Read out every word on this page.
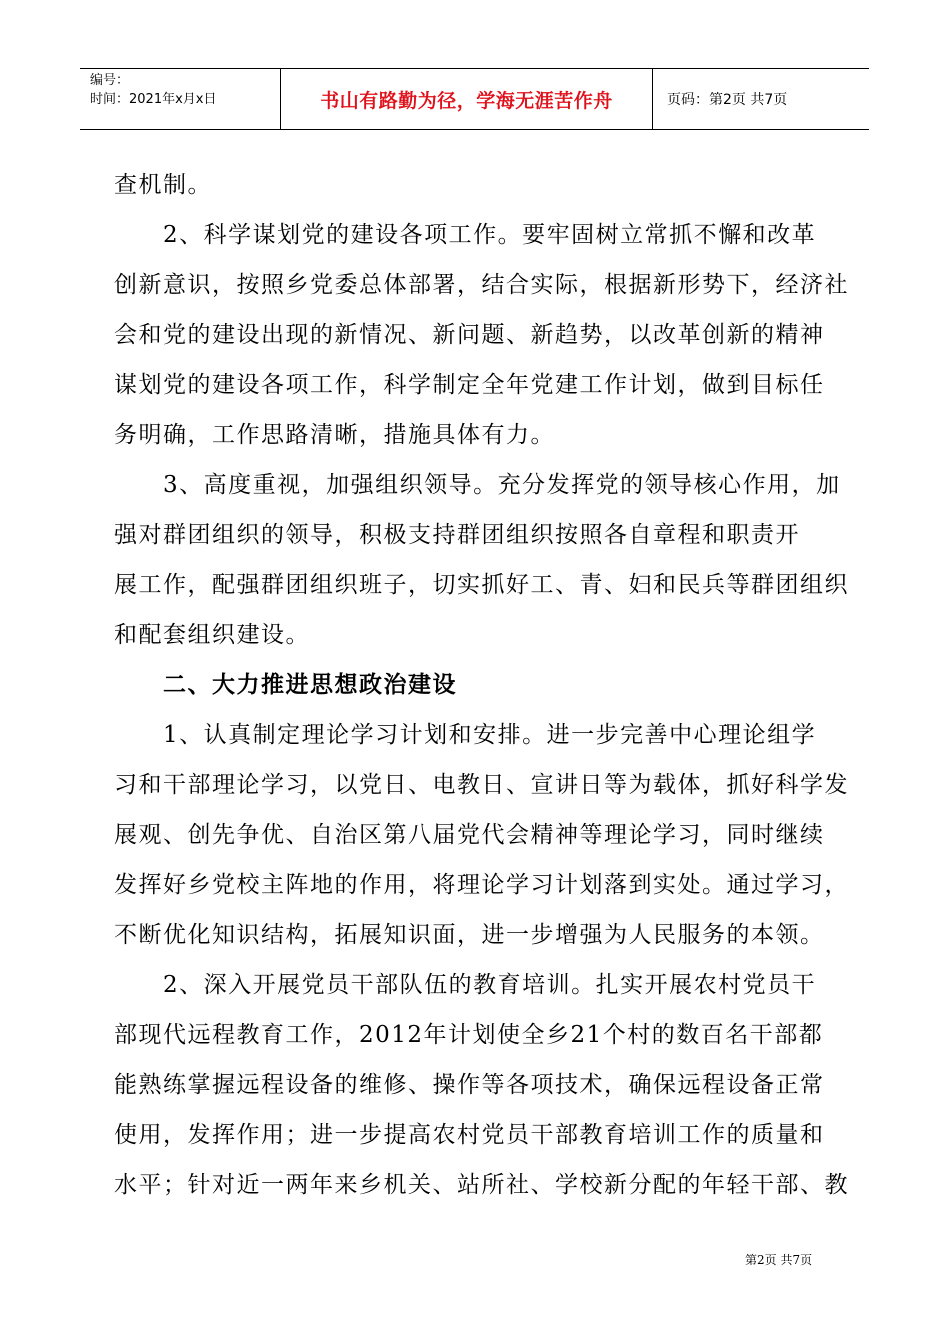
编号：
时间：2021年x月x日	书山有路勤为径，学海无涯苦作舟	页码：第2页 共7页
查机制。
2、科学谋划党的建设各项工作。要牢固树立常抓不懈和改革
创新意识，按照乡党委总体部署，结合实际，根据新形势下，经济社
会和党的建设出现的新情况、新问题、新趋势，以改革创新的精神
谋划党的建设各项工作，科学制定全年党建工作计划，做到目标任
务明确，工作思路清晰，措施具体有力。
3、高度重视，加强组织领导。充分发挥党的领导核心作用，加
强对群团组织的领导，积极支持群团组织按照各自章程和职责开
展工作，配强群团组织班子，切实抓好工、青、妇和民兵等群团组织
和配套组织建设。
二、大力推进思想政治建设
1、认真制定理论学习计划和安排。进一步完善中心理论组学
习和干部理论学习，以党日、电教日、宣讲日等为载体，抓好科学发
展观、创先争优、自治区第八届党代会精神等理论学习，同时继续
发挥好乡党校主阵地的作用，将理论学习计划落到实处。通过学习，
不断优化知识结构，拓展知识面，进一步增强为人民服务的本领。
2、深入开展党员干部队伍的教育培训。扎实开展农村党员干
部现代远程教育工作，2012年计划使全乡21个村的数百名干部都
能熟练掌握远程设备的维修、操作等各项技术，确保远程设备正常
使用，发挥作用；进一步提高农村党员干部教育培训工作的质量和
水平；针对近一两年来乡机关、站所社、学校新分配的年轻干部、教
第2页 共7页
